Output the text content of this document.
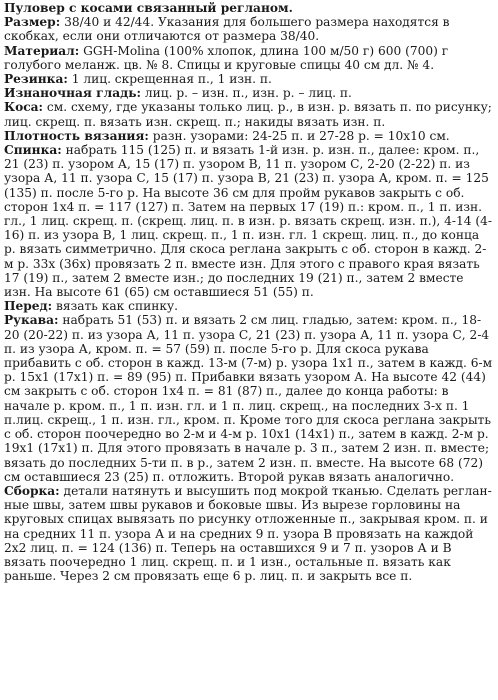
Пуловер с косами связанный регланом.

Размер: 38/40 и 42/44. Указания для большего размера находятся в скобках, если они отличаются от размера 38/40.

Материал: GGH-Molina (100% хлопок, длина 100 м/50 г) 600 (700) г голубого меланж. цв. № 8. Спицы и круговые спицы 40 см дл. № 4.

Резинка: 1 лиц. скрещенная п., 1 изн. п.

Изнаночная гладь: лиц. р. – изн. п., изн. р. – лиц. п.

Коса: см. схему, где указаны только лиц. р., в изн. р. вязать п. по рисунку; лиц. скрещ. п. вязать изн. скрещ. п.; накиды вязать изн. п.

Плотность вязания: разн. узорами: 24-25 п. и 27-28 р. = 10х10 см.

Спинка: набрать 115 (125) п. и вязать 1-й изн. р. изн. п., далее: кром. п., 21 (23) п. узором А, 15 (17) п. узором В, 11 п. узором С, 2-20 (2-22) п. из узора А, 11 п. узора С, 15 (17) п. узора В, 21 (23) п. узора А, кром. п. = 125 (135) п. после 5-го р. На высоте 36 см для пройм рукавов закрыть с об. сторон 1х4 п. = 117 (127) п. Затем на первых 17 (19) п.: кром. п., 1 п. изн. гл., 1 лиц. скрещ. п. (скрещ. лиц. п. в изн. р. вязать скрещ. изн. п.), 4-14 (4-16) п. из узора В, 1 лиц. скрещ. п., 1 п. изн. гл. 1 скрещ. лиц. п., до конца р. вязать симметрично. Для скоса реглана закрыть с об. сторон в кажд. 2-м р. 33х (36х) провязать 2 п. вместе изн. Для этого с правого края вязать 17 (19) п., затем 2 вместе изн.; до последних 19 (21) п., затем 2 вместе изн. На высоте 61 (65) см оставшиеся 51 (55) п.

Перед: вязать как спинку.

Рукава: набрать 51 (53) п. и вязать 2 см лиц. гладью, затем: кром. п., 18-20 (20-22) п. из узора А, 11 п. узора С, 21 (23) п. узора А, 11 п. узора С, 2-4 п. из узора А, кром. п. = 57 (59) п. после 5-го р. Для скоса рукава прибавить с об. сторон в кажд. 13-м (7-м) р. узора 1х1 п., затем в кажд. 6-м р. 15х1 (17х1) п. = 89 (95) п. Прибавки вязать узором А. На высоте 42 (44) см закрыть с об. сторон 1х4 п. = 81 (87) п., далее до конца работы: в начале р. кром. п., 1 п. изн. гл. и 1 п. лиц. скрещ., на последних 3-х п. 1 п.лиц. скрещ., 1 п. изн. гл., кром. п. Кроме того для скоса реглана закрыть с об. сторон поочередно во 2-м и 4-м р. 10х1 (14х1) п., затем в кажд. 2-м р. 19х1 (17х1) п. Для этого провязать в начале р. 3 п., затем 2 изн. п. вместе; вязать до последних 5-ти п. в р., затем 2 изн. п. вместе. На высоте 68 (72) см оставшиеся 23 (25) п. отложить. Второй рукав вязать аналогично.

Сборка: детали натянуть и высушить под мокрой тканью. Сделать реглан-ные швы, затем швы рукавов и боковые швы. Из вырезе горловины на круговых спицах вывязать по рисунку отложенные п., закрывая кром. п. и на средних 11 п. узора А и на средних 9 п. узора В провязать на каждой 2х2 лиц. п. = 124 (136) п. Теперь на оставшихся 9 и 7 п. узоров А и В вязать поочередно 1 лиц. скрещ. п. и 1 изн., остальные п. вязать как раньше. Через 2 см провязать еще 6 р. лиц. п. и закрыть все п.
